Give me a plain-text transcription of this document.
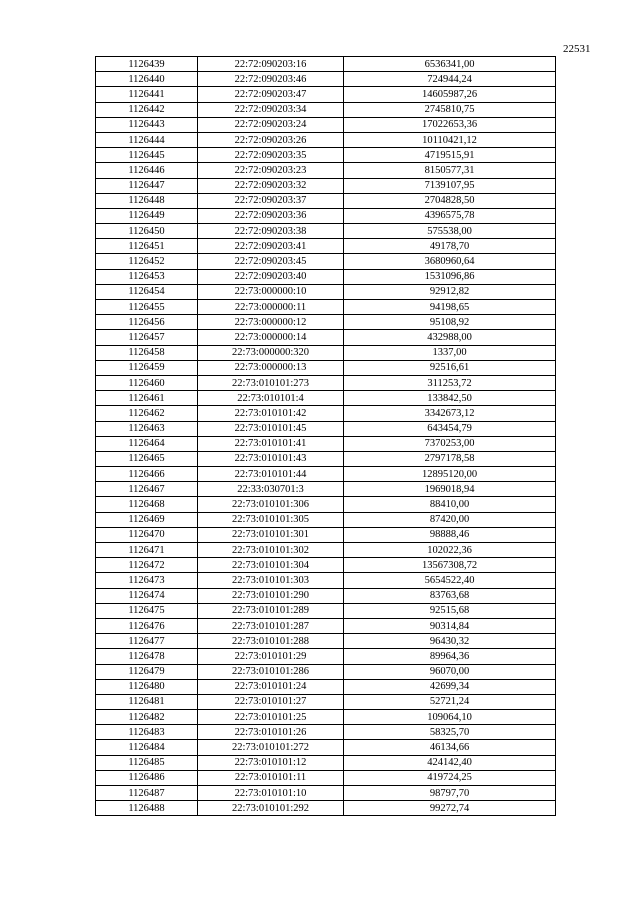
22531
1126439	22:72:090203:16	6536341,00
1126440	22:72:090203:46	724944,24
1126441	22:72:090203:47	14605987,26
1126442	22:72:090203:34	2745810,75
1126443	22:72:090203:24	17022653,36
1126444	22:72:090203:26	10110421,12
1126445	22:72:090203:35	4719515,91
1126446	22:72:090203:23	8150577,31
1126447	22:72:090203:32	7139107,95
1126448	22:72:090203:37	2704828,50
1126449	22:72:090203:36	4396575,78
1126450	22:72:090203:38	575538,00
1126451	22:72:090203:41	49178,70
1126452	22:72:090203:45	3680960,64
1126453	22:72:090203:40	1531096,86
1126454	22:73:000000:10	92912,82
1126455	22:73:000000:11	94198,65
1126456	22:73:000000:12	95108,92
1126457	22:73:000000:14	432988,00
1126458	22:73:000000:320	1337,00
1126459	22:73:000000:13	92516,61
1126460	22:73:010101:273	311253,72
1126461	22:73:010101:4	133842,50
1126462	22:73:010101:42	3342673,12
1126463	22:73:010101:45	643454,79
1126464	22:73:010101:41	7370253,00
1126465	22:73:010101:43	2797178,58
1126466	22:73:010101:44	12895120,00
1126467	22:33:030701:3	1969018,94
1126468	22:73:010101:306	88410,00
1126469	22:73:010101:305	87420,00
1126470	22:73:010101:301	98888,46
1126471	22:73:010101:302	102022,36
1126472	22:73:010101:304	13567308,72
1126473	22:73:010101:303	5654522,40
1126474	22:73:010101:290	83763,68
1126475	22:73:010101:289	92515,68
1126476	22:73:010101:287	90314,84
1126477	22:73:010101:288	96430,32
1126478	22:73:010101:29	89964,36
1126479	22:73:010101:286	96070,00
1126480	22:73:010101:24	42699,34
1126481	22:73:010101:27	52721,24
1126482	22:73:010101:25	109064,10
1126483	22:73:010101:26	58325,70
1126484	22:73:010101:272	46134,66
1126485	22:73:010101:12	424142,40
1126486	22:73:010101:11	419724,25
1126487	22:73:010101:10	98797,70
1126488	22:73:010101:292	99272,74
